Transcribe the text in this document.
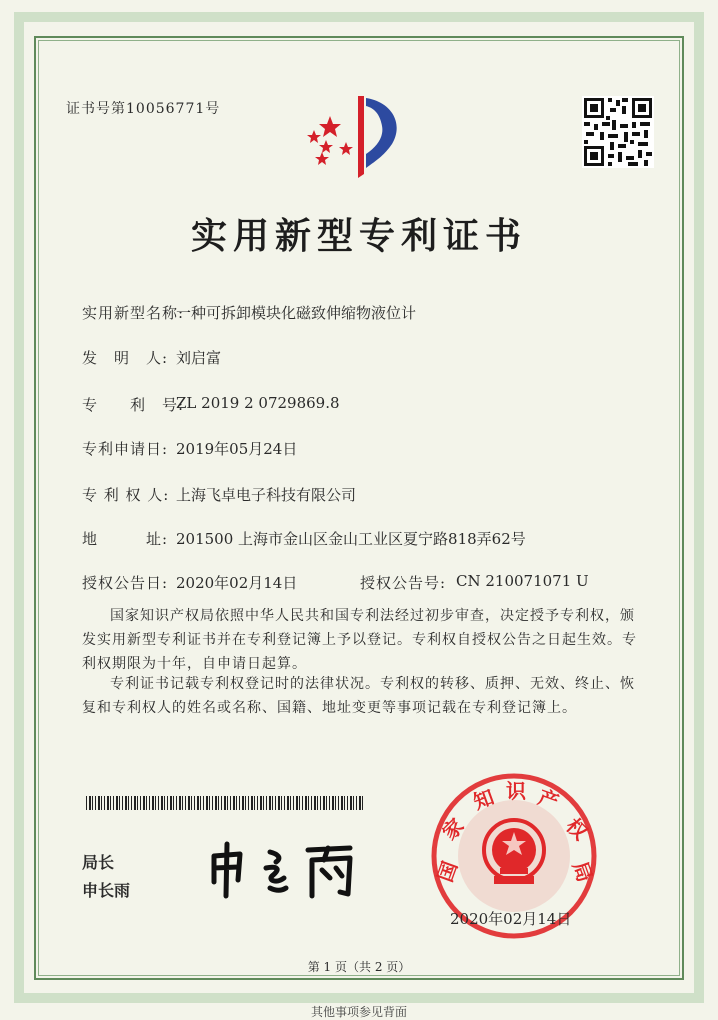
证书号第10056771号
实用新型专利证书
实用新型名称:
一种可拆卸模块化磁致伸缩物液位计
发　明　人: 刘启富
专　　利　号:
ZL 2019 2 0729869.8
专利申请日: 2019年05月24日
专 利 权 人: 上海飞卓电子科技有限公司
地　　　址: 201500 上海市金山区金山工业区夏宁路818弄62号
授权公告日: 2020年02月14日	授权公告号: CN 210071071 U
国家知识产权局依照中华人民共和国专利法经过初步审查，决定授予专利权，颁发实用新型专利证书并在专利登记簿上予以登记。专利权自授权公告之日起生效。专利权期限为十年，自申请日起算。
专利证书记载专利权登记时的法律状况。专利权的转移、质押、无效、终止、恢复和专利权人的姓名或名称、国籍、地址变更等事项记载在专利登记簿上。
局长
申长雨
国
家
知 识 产
权
局
2020年02月14日
第 1 页（共 2 页）
其他事项参见背面
